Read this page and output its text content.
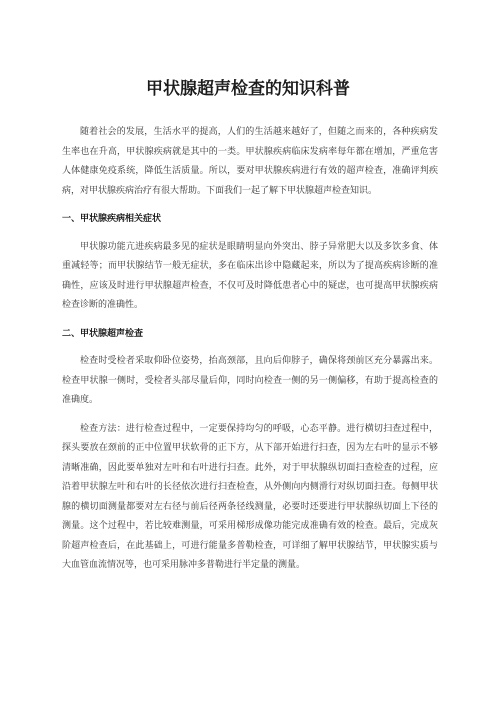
甲状腺超声检查的知识科普

随着社会的发展，生活水平的提高，人们的生活越来越好了，但随之而来的，各种疾病发生率也在升高，甲状腺疾病就是其中的一类。甲状腺疾病临床发病率每年都在增加，严重危害人体健康免疫系统，降低生活质量。所以，要对甲状腺疾病进行有效的超声检查，准确评判疾病，对甲状腺疾病治疗有很大帮助。下面我们一起了解下甲状腺超声检查知识。

一、甲状腺疾病相关症状

甲状腺功能亢进疾病最多见的症状是眼睛明显向外突出、脖子异常肥大以及多饮多食、体重减轻等；而甲状腺结节一般无症状，多在临床出诊中隐藏起来，所以为了提高疾病诊断的准确性，应该及时进行甲状腺超声检查，不仅可及时降低患者心中的疑虑，也可提高甲状腺疾病检查诊断的准确性。

二、甲状腺超声检查

检查时受检者采取仰卧位姿势，抬高颈部，且向后仰脖子，确保将颈前区充分暴露出来。检查甲状腺一侧时，受检者头部尽量后仰，同时向检查一侧的另一侧偏移，有助于提高检查的准确度。

检查方法：进行检查过程中，一定要保持均匀的呼吸，心态平静。进行横切扫查过程中，探头要放在颈前的正中位置甲状软骨的正下方，从下部开始进行扫查，因为左右叶的显示不够清晰准确，因此要单独对左叶和右叶进行扫查。此外，对于甲状腺纵切面扫查检查的过程，应沿着甲状腺左叶和右叶的长径依次进行扫查检查，从外侧向内侧滑行对纵切面扫查。每侧甲状腺的横切面测量都要对左右径与前后径两条径线测量，必要时还要进行甲状腺纵切面上下径的测量。这个过程中，若比较难测量，可采用梯形成像功能完成准确有效的检查。最后，完成灰阶超声检查后，在此基础上，可进行能量多普勒检查，可详细了解甲状腺结节，甲状腺实质与大血管血流情况等，也可采用脉冲多普勒进行半定量的测量。
